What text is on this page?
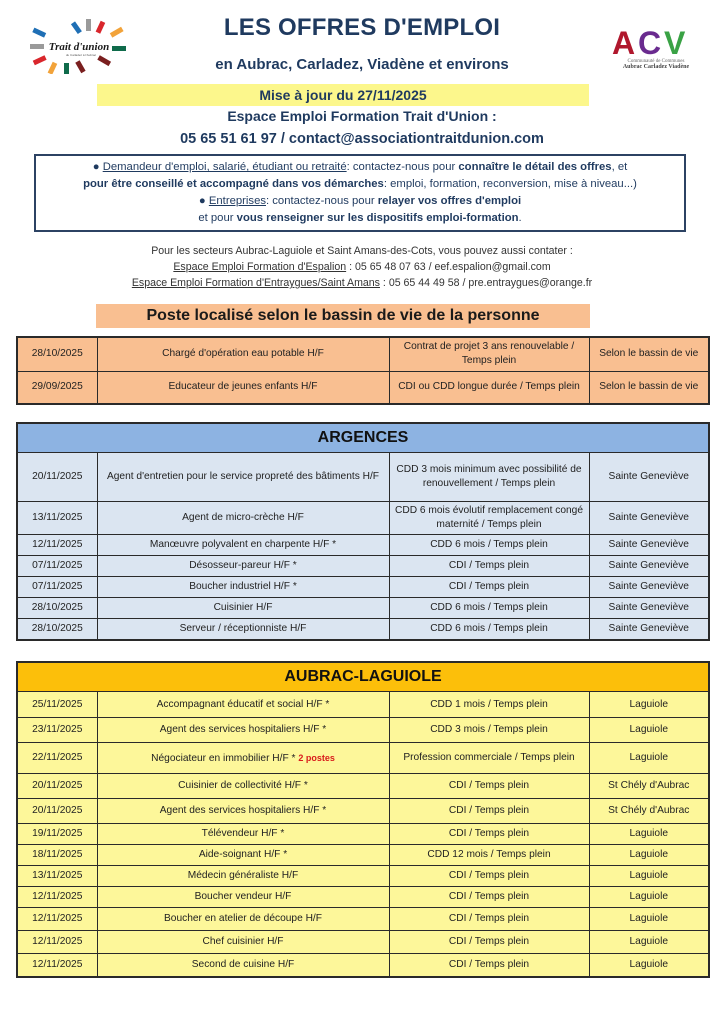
Trait d'union
du Carladez à l'Aubrac	A C V
Communauté de Communes
Aubrac Carladez Viadène
LES OFFRES D'EMPLOI
en Aubrac, Carladez, Viadène et environs
Mise à jour du 27/11/2025
Espace Emploi Formation Trait d'Union :
05 65 51 61 97 / contact@associationtraitdunion.com
● Demandeur d'emploi, salarié, étudiant ou retraité: contactez-nous pour connaître le détail des offres, et
pour être conseillé et accompagné dans vos démarches: emploi, formation, reconversion, mise à niveau...)
● Entreprises: contactez-nous pour relayer vos offres d'emploi
et pour vous renseigner sur les dispositifs emploi-formation.
Pour les secteurs Aubrac-Laguiole et Saint Amans-des-Cots, vous pouvez aussi contater :
Espace Emploi Formation d'Espalion : 05 65 48 07 63 / eef.espalion@gmail.com
Espace Emploi Formation d'Entraygues/Saint Amans : 05 65 44 49 58 / pre.entraygues@orange.fr
Poste localisé selon le bassin de vie de la personne
28/10/2025	Chargé d'opération eau potable H/F	Contrat de projet 3 ans renouvelable / Temps plein	Selon le bassin de vie
29/09/2025	Educateur de jeunes enfants H/F	CDI ou CDD longue durée / Temps plein	Selon le bassin de vie
ARGENCES			
20/11/2025	Agent d'entretien pour le service propreté des bâtiments H/F	CDD 3 mois minimum avec possibilité de renouvellement / Temps plein	Sainte Geneviève
13/11/2025	Agent de micro-crèche H/F	CDD 6 mois évolutif remplacement congé maternité / Temps plein	Sainte Geneviève
12/11/2025	Manœuvre polyvalent en charpente H/F *	CDD 6 mois / Temps plein	Sainte Geneviève
07/11/2025	Désosseur-pareur H/F *	CDI / Temps plein	Sainte Geneviève
07/11/2025	Boucher industriel H/F *	CDI / Temps plein	Sainte Geneviève
28/10/2025	Cuisinier H/F	CDD 6 mois / Temps plein	Sainte Geneviève
28/10/2025	Serveur / réceptionniste H/F	CDD 6 mois / Temps plein	Sainte Geneviève
AUBRAC-LAGUIOLE			
25/11/2025	Accompagnant éducatif et social H/F *	CDD 1 mois / Temps plein	Laguiole
23/11/2025	Agent des services hospitaliers H/F *	CDD 3 mois / Temps plein	Laguiole
22/11/2025	Négociateur en immobilier H/F * 2 postes	Profession commerciale / Temps plein	Laguiole
20/11/2025	Cuisinier de collectivité H/F *	CDI / Temps plein	St Chély d'Aubrac
20/11/2025	Agent des services hospitaliers H/F *	CDI / Temps plein	St Chély d'Aubrac
19/11/2025	Télévendeur H/F *	CDI / Temps plein	Laguiole
18/11/2025	Aide-soignant H/F *	CDD 12 mois / Temps plein	Laguiole
13/11/2025	Médecin généraliste H/F	CDI / Temps plein	Laguiole
12/11/2025	Boucher vendeur H/F	CDI / Temps plein	Laguiole
12/11/2025	Boucher en atelier de découpe H/F	CDI / Temps plein	Laguiole
12/11/2025	Chef cuisinier H/F	CDI / Temps plein	Laguiole
12/11/2025	Second de cuisine H/F	CDI / Temps plein	Laguiole
